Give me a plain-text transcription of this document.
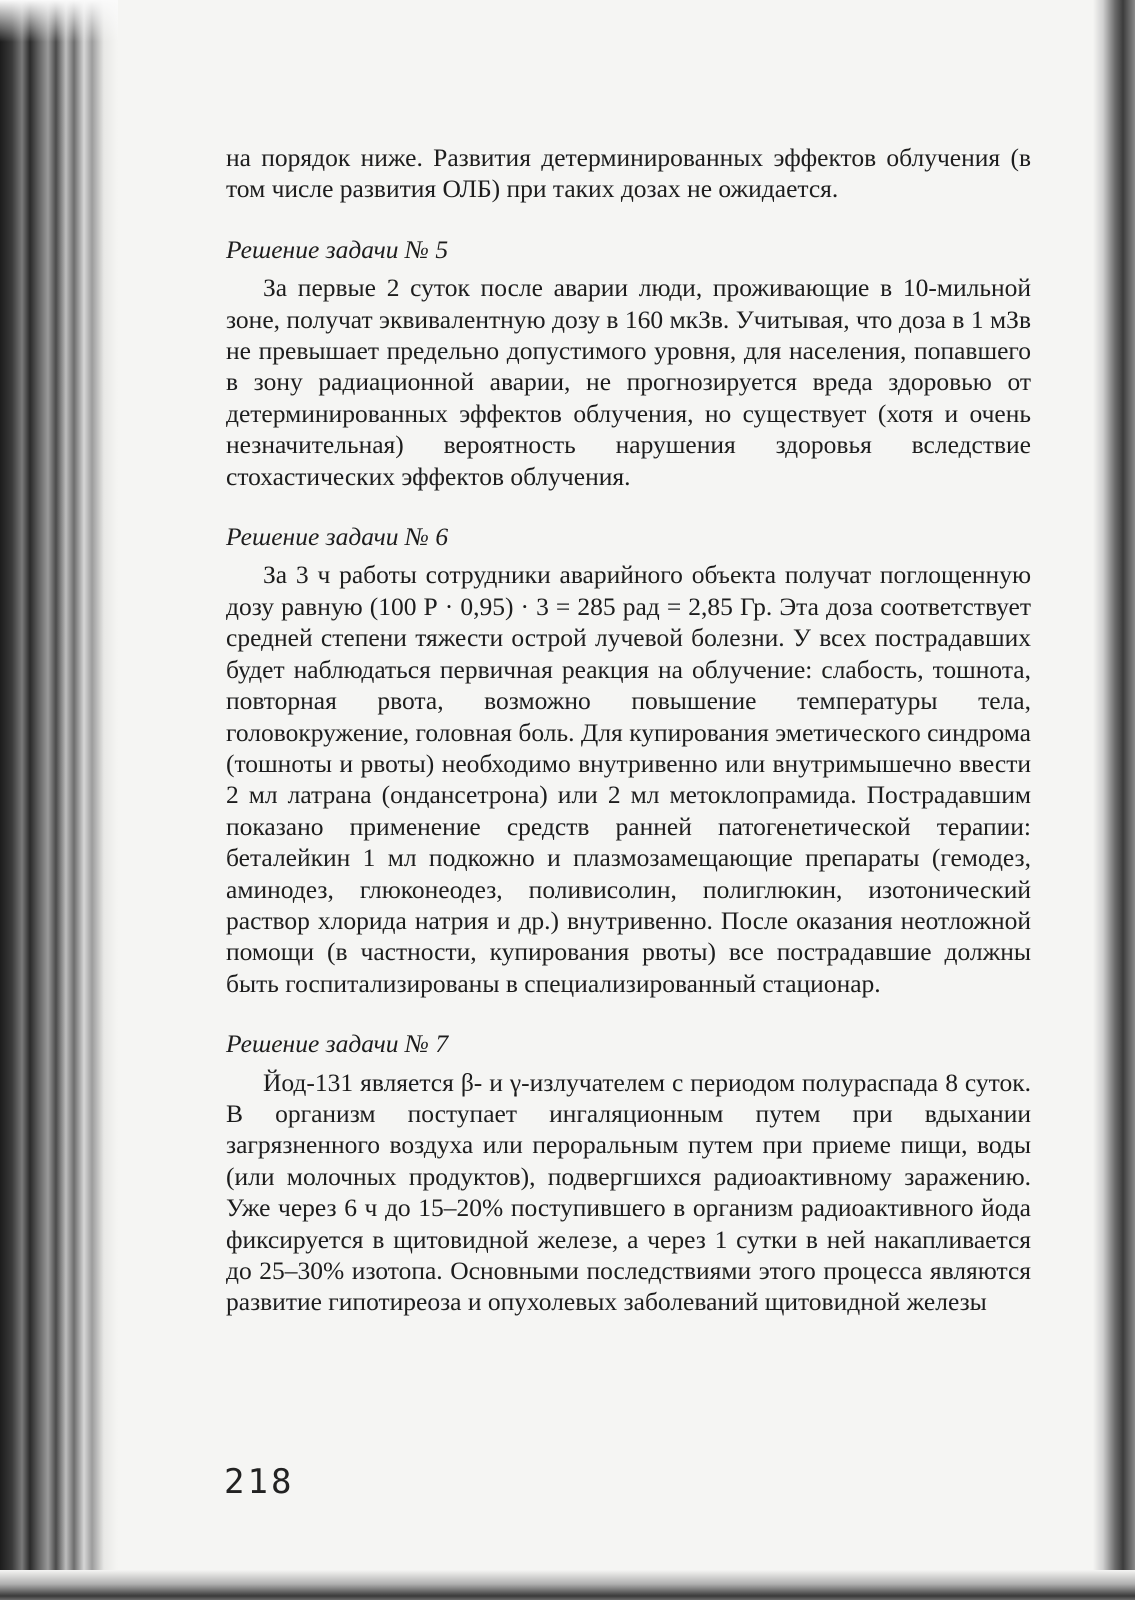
на порядок ниже. Развития детерминированных эффектов облучения (в том числе развития ОЛБ) при таких дозах не ожидается.

Решение задачи № 5

За первые 2 суток после аварии люди, проживающие в 10-мильной зоне, получат эквивалентную дозу в 160 мкЗв. Учитывая, что доза в 1 мЗв не превышает предельно допустимого уровня, для населения, попавшего в зону радиационной аварии, не прогнозируется вреда здоровью от детерминированных эффектов облучения, но существует (хотя и очень незначительная) вероятность нарушения здоровья вследствие стохастических эффектов облучения.

Решение задачи № 6

За 3 ч работы сотрудники аварийного объекта получат поглощенную дозу равную (100 Р · 0,95) · 3 = 285 рад = 2,85 Гр. Эта доза соответствует средней степени тяжести острой лучевой болезни. У всех пострадавших будет наблюдаться первичная реакция на облучение: слабость, тошнота, повторная рвота, возможно повышение температуры тела, головокружение, головная боль. Для купирования эметического синдрома (тошноты и рвоты) необходимо внутривенно или внутримышечно ввести 2 мл латрана (ондансетрона) или 2 мл метоклопрамида. Пострадавшим показано применение средств ранней патогенетической терапии: беталейкин 1 мл подкожно и плазмозамещающие препараты (гемодез, аминодез, глюконеодез, поливисолин, полиглюкин, изотонический раствор хлорида натрия и др.) внутривенно. После оказания неотложной помощи (в частности, купирования рвоты) все пострадавшие должны быть госпитализированы в специализированный стационар.

Решение задачи № 7

Йод-131 является β- и γ-излучателем с периодом полураспада 8 суток. В организм поступает ингаляционным путем при вдыхании загрязненного воздуха или пероральным путем при приеме пищи, воды (или молочных продуктов), подвергшихся радиоактивному заражению. Уже через 6 ч до 15–20% поступившего в организм радиоактивного йода фиксируется в щитовидной железе, а через 1 сутки в ней накапливается до 25–30% изотопа. Основными последствиями этого процесса являются развитие гипотиреоза и опухолевых заболеваний щитовидной железы

218
